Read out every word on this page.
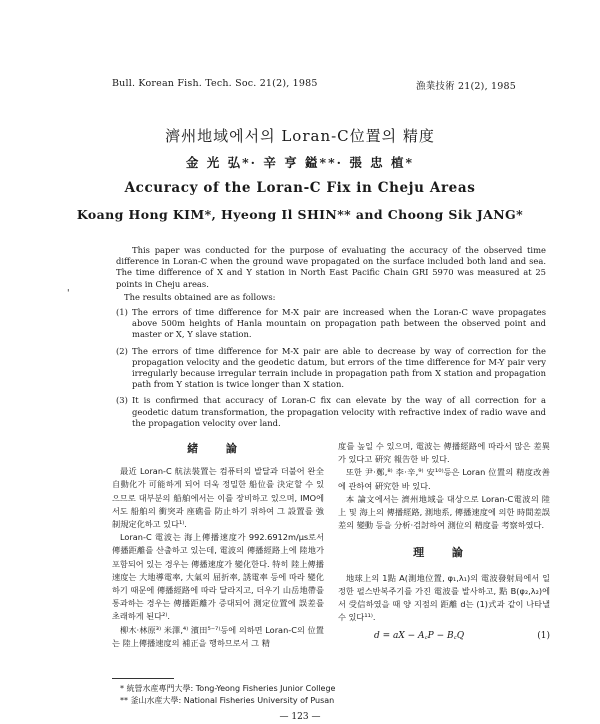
Bull. Korean Fish. Tech. Soc. 21(2), 1985	漁業技術 21(2), 1985
濟州地域에서의 Loran-C位置의 精度
金 光 弘*· 辛 亨 鎰**· 張 忠 植*
Accuracy of the Loran-C Fix in Cheju Areas
Koang Hong KIM*, Hyeong Il SHIN** and Choong Sik JANG*
'

This paper was conducted for the purpose of evaluating the accuracy of the observed time difference in Loran-C when the ground wave propagated on the surface included both land and sea. The time difference of X and Y station in North East Pacific Chain GRI 5970 was measured at 25 points in Cheju areas.

The results obtained are as follows:

(1) The errors of time difference for M-X pair are increased when the Loran-C wave propagates above 500m heights of Hanla mountain on propagation path between the observed point and master or X, Y slave station.
(2) The errors of time difference for M-X pair are able to decrease by way of correction for the propagation velocity and the geodetic datum, but errors of the time difference for M-Y pair very irregularly because irregular terrain include in propagation path from X station and propagation path from Y station is twice longer than X station.
(3) It is confirmed that accuracy of Loran-C fix can elevate by the way of all correction for a geodetic datum transformation, the propagation velocity with refractive index of radio wave and the propagation velocity over land.
緒 論

最近 Loran-C 航法裝置는 컴퓨터의 발달과 더불어 완全 自動化가 可能하게 되어 더욱 정밀한 船位를 決定할 수 있으므로 대부분의 船舶에서는 이를 장비하고 있으며, IMO에서도 船舶의 衝突과 座礁를 防止하기 위하여 그 設置를 強制規定化하고 있다¹⁾.

Loran-C 電波는 海上傳播速度가 992.6912m/μs로서 傳播距離를 산출하고 있는데, 電波의 傳播經路上에 陸地가 포함되어 있는 경우는 傳播速度가 變化한다. 特히 陸上傳播速度는 大地導電率, 大氣의 屈折率, 誘電率 등에 따라 變化하기 때문에 傳播經路에 따라 달라지고, 더우기 山岳地帶를 통과하는 경우는 傳播距離가 증대되어 測定位置에 誤差를 초래하게 된다²⁾.

柳木·林原³⁾ 米澤,⁴⁾ 濱田⁵⁻⁷⁾등에 의하면 Loran-C의 位置는 陸上傳播速度의 補正을 행하므로서 그 精

度를 높일 수 있으며, 電波는 傳播經路에 따라서 많은 差異가 있다고 硏究 報告한 바 있다.

또한 尹·鄭,⁸⁾ 李·辛,⁹⁾ 安¹⁰⁾등은 Loran 位置의 精度改善에 관하여 硏究한 바 있다.

本 論文에서는 濟州地域을 대상으로 Loran-C電波의 陸上 및 海上의 傳播經路, 測地系, 傳播速度에 의한 時間差誤差의 變動 등을 分析·검討하여 測位의 精度를 考察하였다.

理 論

地球上의 1點 A(測地位置, φ₁,λ₁)의 電波發射局에서 일정한 펄스반복주기를 가진 電波를 발사하고, 點 B(φ₂,λ₂)에서 受信하였을 때 양 지점의 距離 d는 (1)式과 같이 나타낼 수 있다¹¹⁾.

d = aX − A꜀P − B꜀Q	(1)
* 統營水産專門大學: Tong-Yeong Fisheries Junior College
** 釜山水産大學: National Fisheries University of Pusan
— 123 —
